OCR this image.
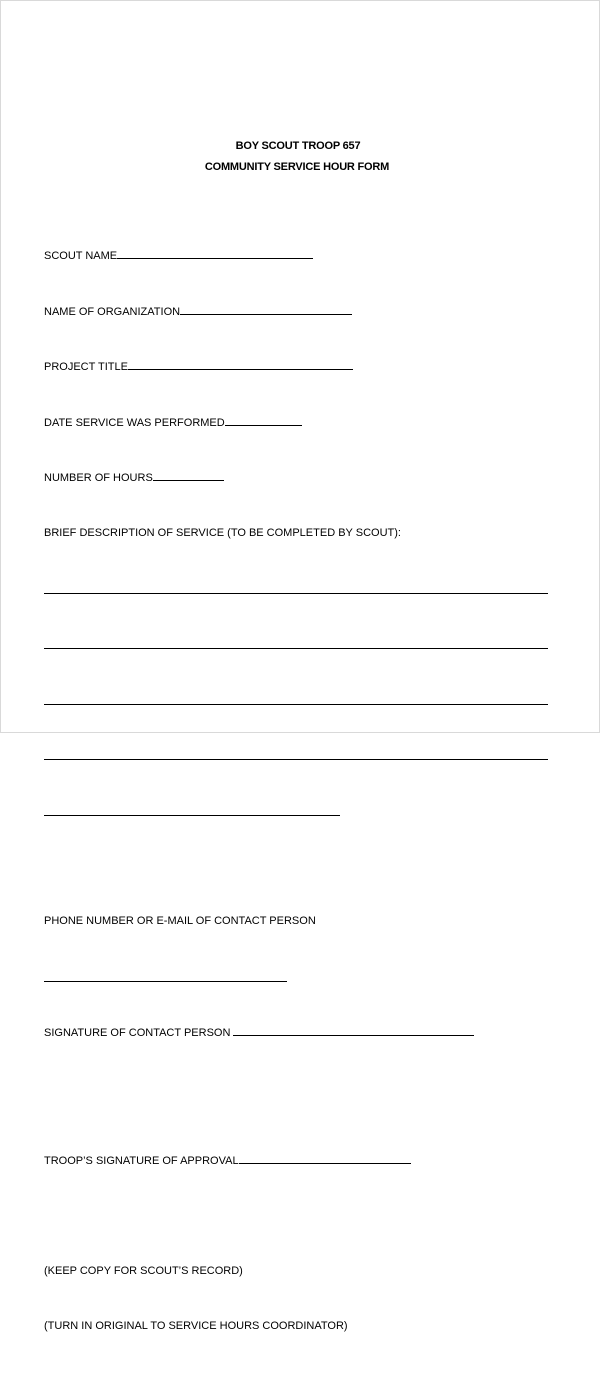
BOY SCOUT TROOP 657
COMMUNITY SERVICE HOUR FORM

SCOUT NAME

NAME OF ORGANIZATION

PROJECT TITLE

DATE SERVICE WAS PERFORMED

NUMBER OF HOURS

BRIEF DESCRIPTION OF SERVICE (TO BE COMPLETED BY SCOUT):

PHONE NUMBER OR E-MAIL OF CONTACT PERSON

SIGNATURE OF CONTACT PERSON

TROOP’S SIGNATURE OF APPROVAL

(KEEP COPY FOR SCOUT’S RECORD)

(TURN IN ORIGINAL TO SERVICE HOURS COORDINATOR)
